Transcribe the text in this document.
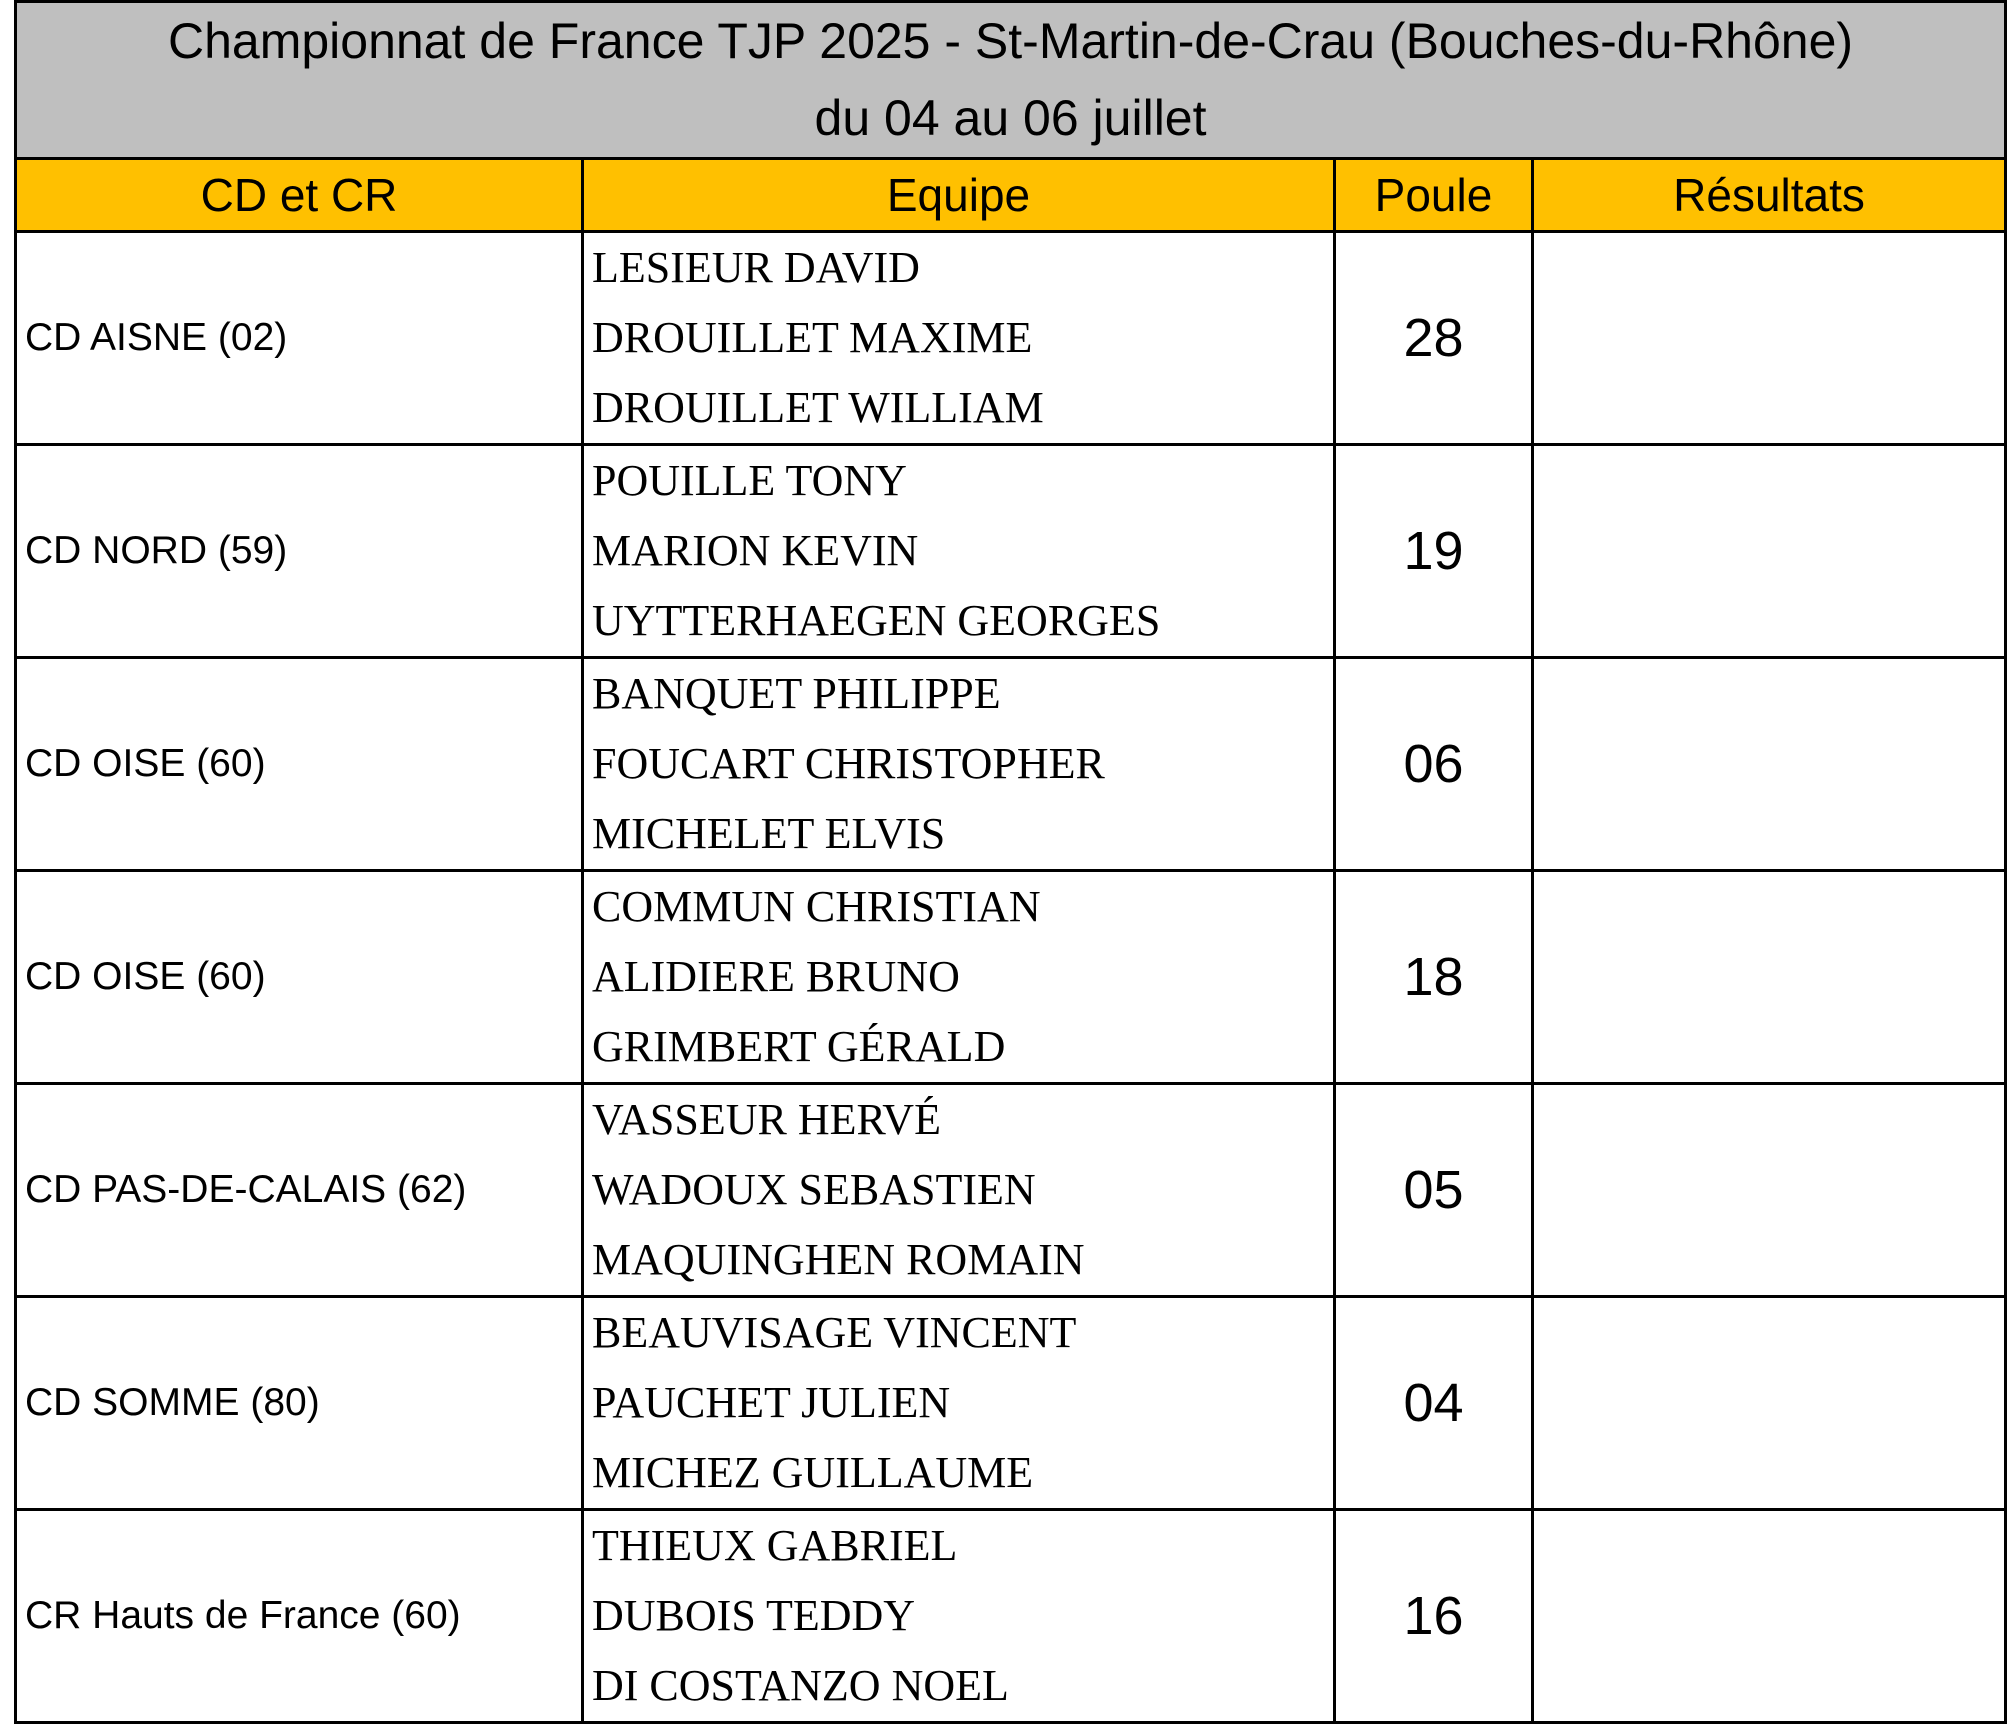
Championnat de France TJP 2025 - St-Martin-de-Crau (Bouches-du-Rhône)
du 04 au 06 juillet			

CD et CR	Equipe	Poule	Résultats
CD AISNE (02)	LESIEUR DAVID
DROUILLET MAXIME
DROUILLET WILLIAM	28	
CD NORD (59)	POUILLE TONY
MARION KEVIN
UYTTERHAEGEN GEORGES	19	
CD OISE (60)	BANQUET PHILIPPE
FOUCART CHRISTOPHER
MICHELET ELVIS	06	
CD OISE (60)	COMMUN CHRISTIAN
ALIDIERE BRUNO
GRIMBERT GÉRALD	18	
CD PAS-DE-CALAIS (62)	VASSEUR HERVÉ
WADOUX SEBASTIEN
MAQUINGHEN ROMAIN	05	
CD SOMME (80)	BEAUVISAGE VINCENT
PAUCHET JULIEN
MICHEZ GUILLAUME	04	
CR Hauts de France (60)	THIEUX GABRIEL
DUBOIS TEDDY
DI COSTANZO NOEL	16	
